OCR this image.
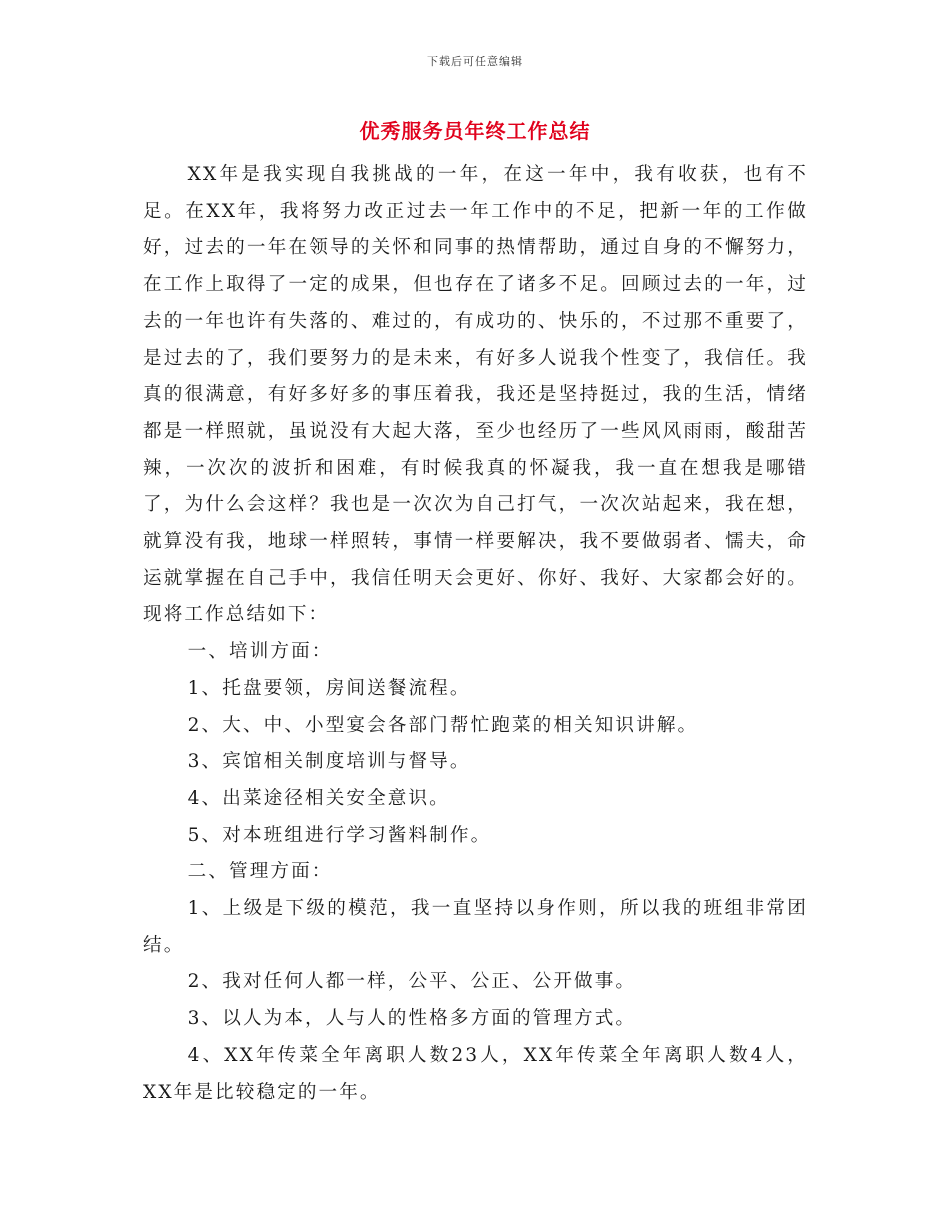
下载后可任意编辑
优秀服务员年终工作总结

XX年是我实现自我挑战的一年，在这一年中，我有收获，也有不足。在XX年，我将努力改正过去一年工作中的不足，把新一年的工作做好，过去的一年在领导的关怀和同事的热情帮助，通过自身的不懈努力，在工作上取得了一定的成果，但也存在了诸多不足。回顾过去的一年，过去的一年也许有失落的、难过的，有成功的、快乐的，不过那不重要了，是过去的了，我们要努力的是未来，有好多人说我个性变了，我信任。我真的很满意，有好多好多的事压着我，我还是坚持挺过，我的生活，情绪都是一样照就，虽说没有大起大落，至少也经历了一些风风雨雨，酸甜苦辣，一次次的波折和困难，有时候我真的怀凝我，我一直在想我是哪错了，为什么会这样？我也是一次次为自己打气，一次次站起来，我在想，就算没有我，地球一样照转，事情一样要解决，我不要做弱者、懦夫，命运就掌握在自己手中，我信任明天会更好、你好、我好、大家都会好的。现将工作总结如下：

一、培训方面：

1、托盘要领，房间送餐流程。

2、大、中、小型宴会各部门帮忙跑菜的相关知识讲解。

3、宾馆相关制度培训与督导。

4、出菜途径相关安全意识。

5、对本班组进行学习酱料制作。

二、管理方面：

1、上级是下级的模范，我一直坚持以身作则，所以我的班组非常团结。

2、我对任何人都一样，公平、公正、公开做事。

3、以人为本，人与人的性格多方面的管理方式。

4、XX年传菜全年离职人数23人，XX年传菜全年离职人数4人，XX年是比较稳定的一年。
